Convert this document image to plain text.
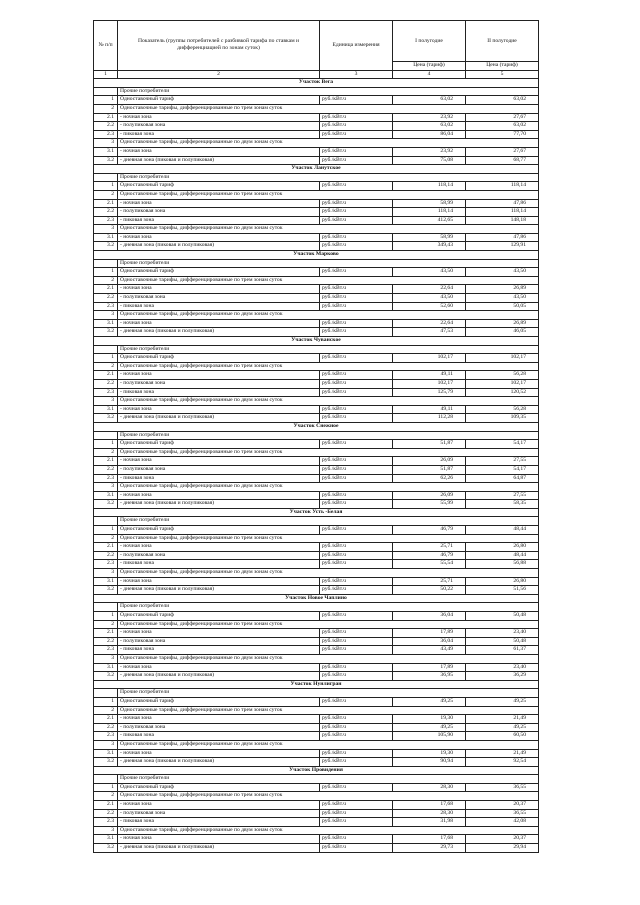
№ п/п	Показатель (группы потребителей с разбивкой тарифа по ставкам и дифференциацией по зонам суток)	Единица измерения	I полугодие	II полугодие
			Цена (тариф)	Цена (тариф)
1	2	3	4	5
Участок Вега				
	Прочие потребители			
1	Одноставочный тариф	руб./кВт.ч	63,02	63,02
2	Одноставочные тарифы, дифференцированные по трем зонам суток			
2.1	- ночная зона	руб./кВт.ч	23,92	27,67
2.2	- полупиковая зона	руб./кВт.ч	63,02	63,02
2.3	- пиковая зона	руб./кВт.ч	86,04	77,70
3	Одноставочные тарифы, дифференцированные по двум зонам суток			
3.1	- ночная зона	руб./кВт.ч	23,92	27,67
3.2	- дневная зона (пиковая и полупиковая)	руб./кВт.ч	75,08	68,77
Участок Ланутское				
	Прочие потребители			
1	Одноставочный тариф	руб./кВт.ч	118,14	118,14
2	Одноставочные тарифы, дифференцированные по трем зонам суток			
2.1	- ночная зона	руб./кВт.ч	58,99	47,86
2.2	- полупиковая зона	руб./кВт.ч	118,14	118,14
2.3	- пиковая зона	руб./кВт.ч	412,65	148,18
3	Одноставочные тарифы, дифференцированные по двум зонам суток			
3.1	- ночная зона	руб./кВт.ч	58,99	47,86
3.2	- дневная зона (пиковая и полупиковая)	руб./кВт.ч	349,43	129,91
Участок Марково				
	Прочие потребители			
1	Одноставочный тариф	руб./кВт.ч	43,50	43,50
2	Одноставочные тарифы, дифференцированные по трем зонам суток			
2.1	- ночная зона	руб./кВт.ч	22,64	26,89
2.2	- полупиковая зона	руб./кВт.ч	43,50	43,50
2.3	- пиковая зона	руб./кВт.ч	52,60	50,05
3	Одноставочные тарифы, дифференцированные по двум зонам суток			
3.1	- ночная зона	руб./кВт.ч	22,64	26,89
3.2	- дневная зона (пиковая и полупиковая)	руб./кВт.ч	47,53	46,05
Участок Чуванское				
	Прочие потребители			
1	Одноставочный тариф	руб./кВт.ч	102,17	102,17
2	Одноставочные тарифы, дифференцированные по трем зонам суток			
2.1	- ночная зона	руб./кВт.ч	49,11	56,28
2.2	- полупиковая зона	руб./кВт.ч	102,17	102,17
2.3	- пиковая зона	руб./кВт.ч	125,79	120,52
3	Одноставочные тарифы, дифференцированные по двум зонам суток			
3.1	- ночная зона	руб./кВт.ч	49,11	56,28
3.2	- дневная зона (пиковая и полупиковая)	руб./кВт.ч	112,28	109,35
Участок Снежное				
	Прочие потребители			
1	Одноставочный тариф	руб./кВт.ч	51,87	54,17
2	Одноставочные тарифы, дифференцированные по трем зонам суток			
2.1	- ночная зона	руб./кВт.ч	26,09	27,55
2.2	- полупиковая зона	руб./кВт.ч	51,87	54,17
2.3	- пиковая зона	руб./кВт.ч	62,26	64,87
3	Одноставочные тарифы, дифференцированные по двум зонам суток			
3.1	- ночная зона	руб./кВт.ч	26,09	27,55
3.2	- дневная зона (пиковая и полупиковая)	руб./кВт.ч	55,99	58,35
Участок Усть -Белая				
	Прочие потребители			
1	Одноставочный тариф	руб./кВт.ч	46,79	48,44
2	Одноставочные тарифы, дифференцированные по трем зонам суток			
2.1	- ночная зона	руб./кВт.ч	25,71	26,80
2.2	- полупиковая зона	руб./кВт.ч	46,79	48,44
2.3	- пиковая зона	руб./кВт.ч	55,54	56,88
3	Одноставочные тарифы, дифференцированные по двум зонам суток			
3.1	- ночная зона	руб./кВт.ч	25,71	26,80
3.2	- дневная зона (пиковая и полупиковая)	руб./кВт.ч	50,22	51,56
Участок Новое Чаплино				
	Прочие потребители			
1	Одноставочный тариф	руб./кВт.ч	36,04	50,48
2	Одноставочные тарифы, дифференцированные по трем зонам суток			
2.1	- ночная зона	руб./кВт.ч	17,89	23,40
2.2	- полупиковая зона	руб./кВт.ч	36,04	50,48
2.3	- пиковая зона	руб./кВт.ч	43,49	61,37
3	Одноставочные тарифы, дифференцированные по двум зонам суток			
3.1	- ночная зона	руб./кВт.ч	17,89	23,40
3.2	- дневная зона (пиковая и полупиковая)	руб./кВт.ч	36,95	36,29
Участок Нунлигран				
	Прочие потребители			
1	Одноставочный тариф	руб./кВт.ч	49,25	49,25
2	Одноставочные тарифы, дифференцированные по трем зонам суток			
2.1	- ночная зона	руб./кВт.ч	19,30	21,49
2.2	- полупиковая зона	руб./кВт.ч	49,25	49,25
2.3	- пиковая зона	руб./кВт.ч	105,90	60,50
3	Одноставочные тарифы, дифференцированные по двум зонам суток			
3.1	- ночная зона	руб./кВт.ч	19,30	21,49
3.2	- дневная зона (пиковая и полупиковая)	руб./кВт.ч	90,94	92,54
Участок Провидения				
	Прочие потребители			
1	Одноставочный тариф	руб./кВт.ч	28,30	36,55
2	Одноставочные тарифы, дифференцированные по трем зонам суток			
2.1	- ночная зона	руб./кВт.ч	17,68	20,37
2.2	- полупиковая зона	руб./кВт.ч	28,30	36,55
2.3	- пиковая зона	руб./кВт.ч	31,98	42,08
3	Одноставочные тарифы, дифференцированные по двум зонам суток			
3.1	- ночная зона	руб./кВт.ч	17,68	20,37
3.2	- дневная зона (пиковая и полупиковая)	руб./кВт.ч	29,73	29,94
